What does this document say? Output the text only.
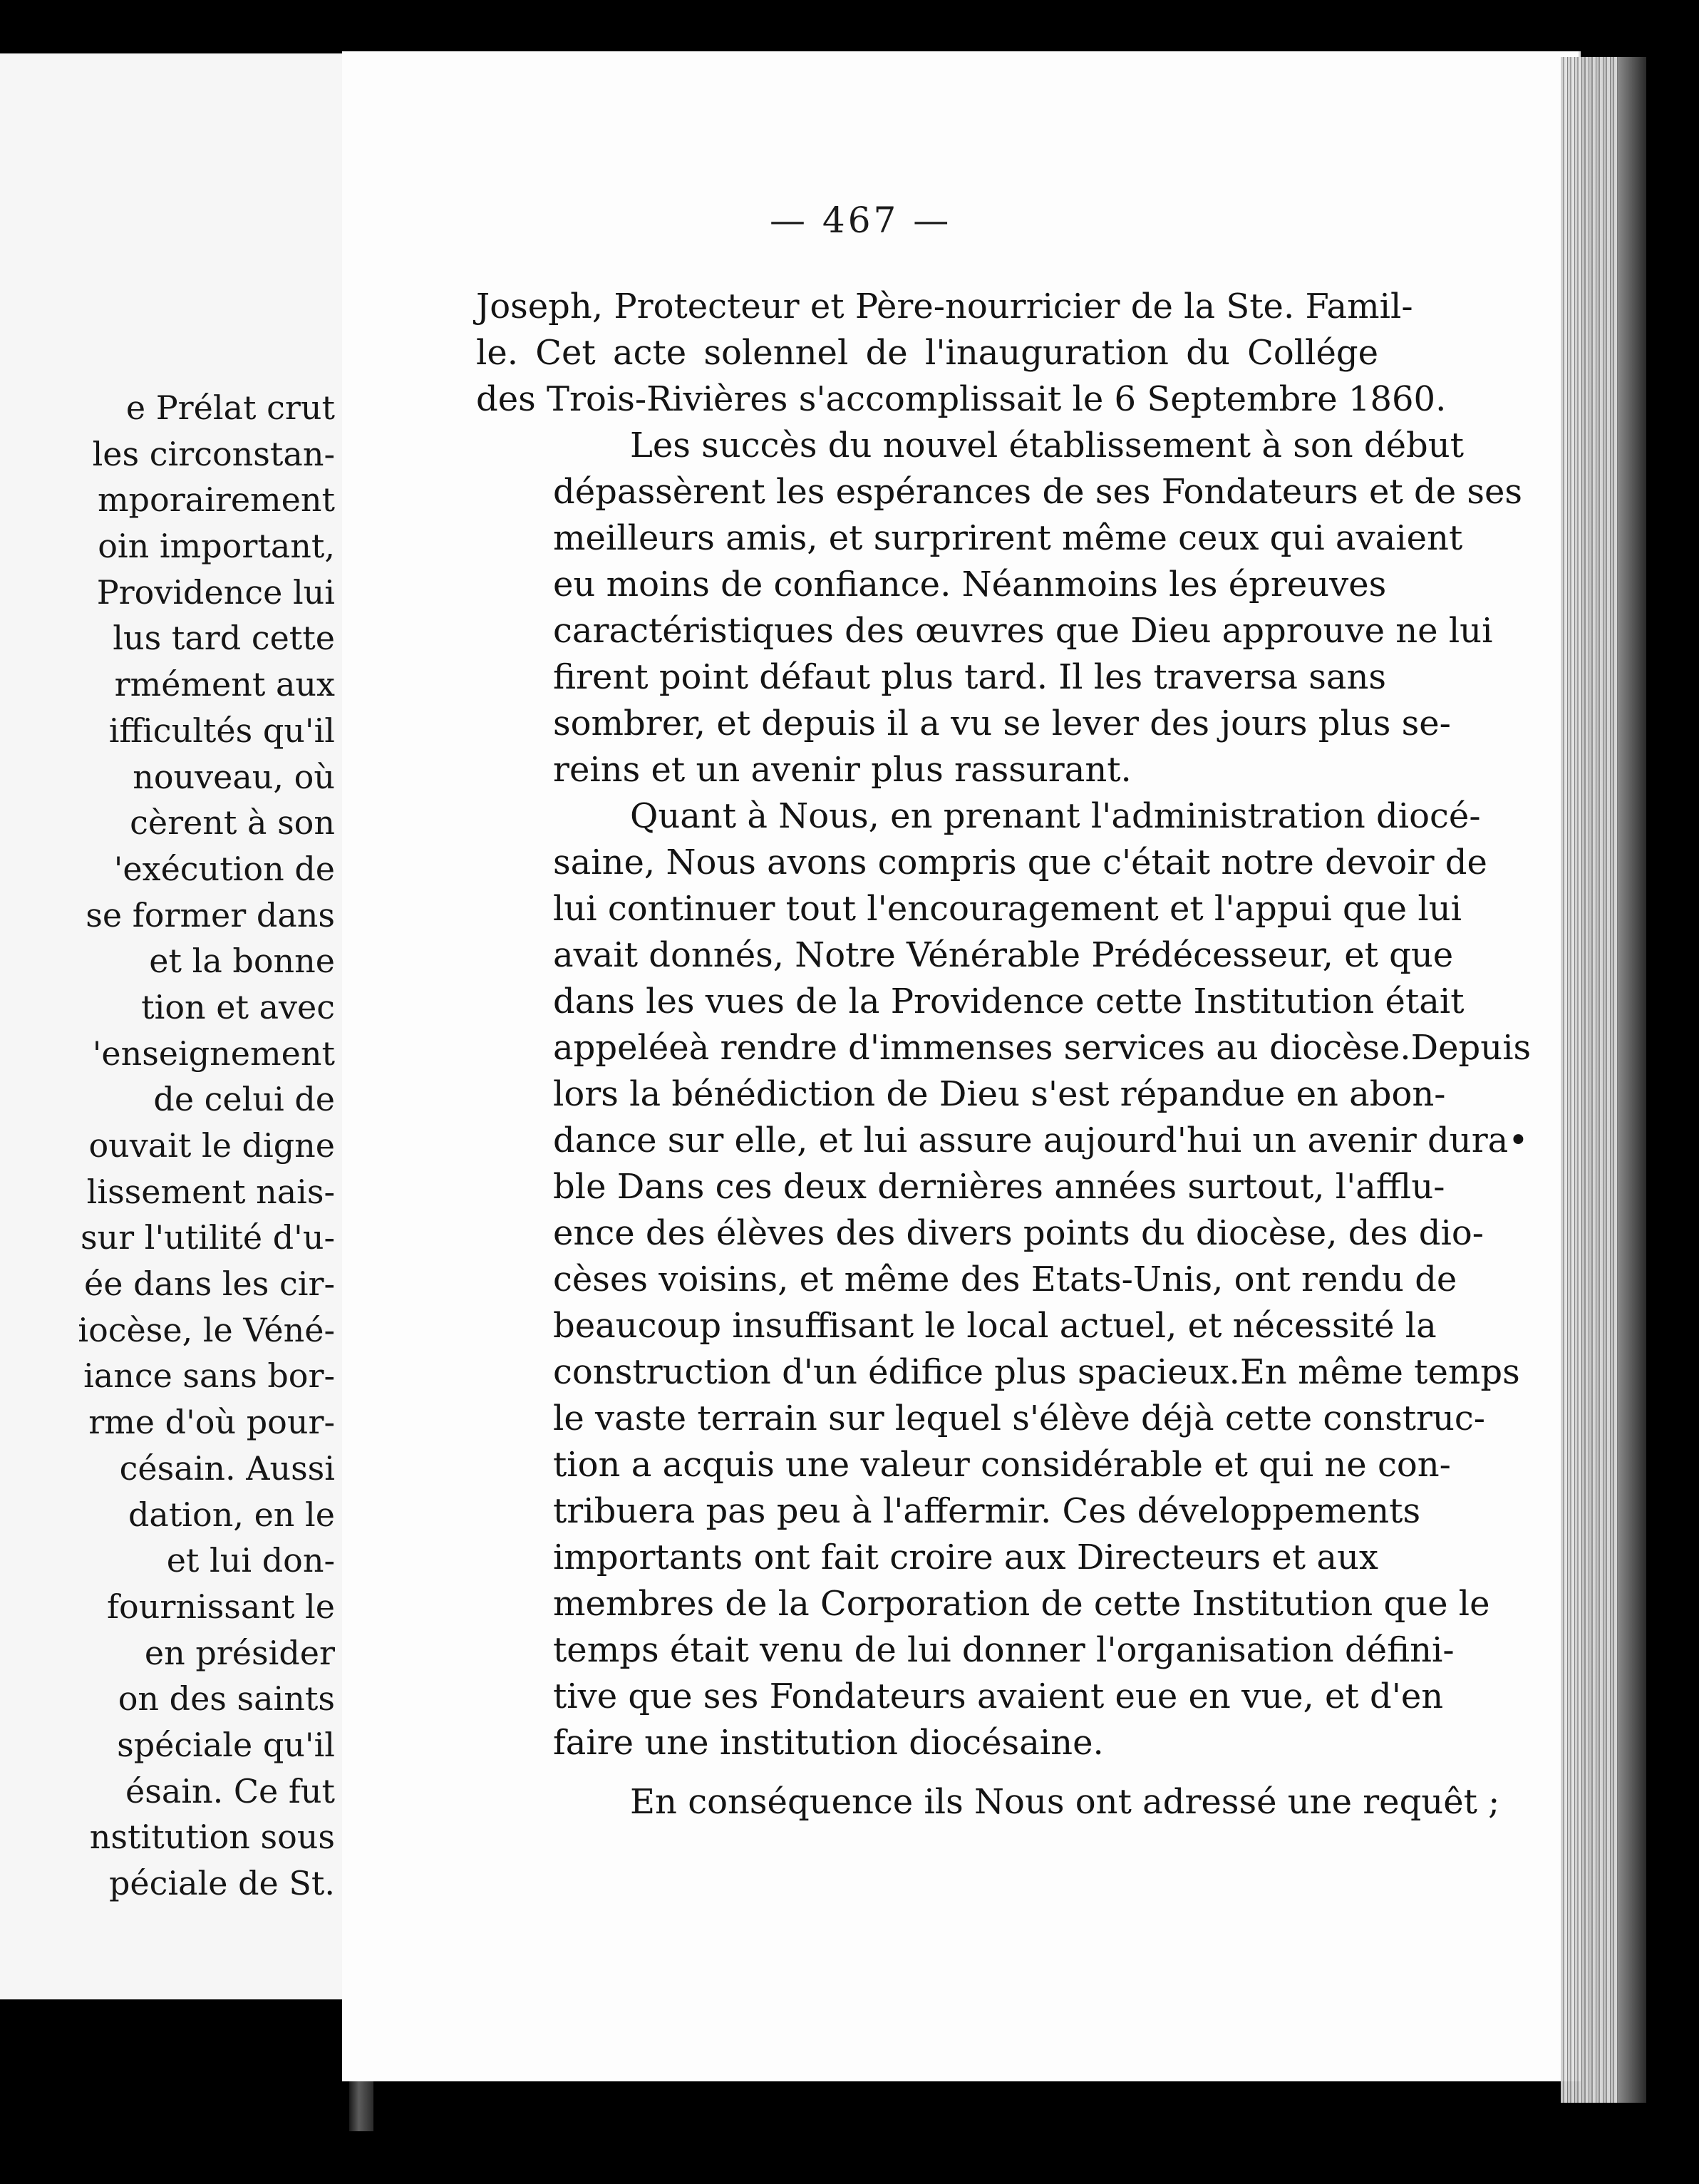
e Prélat crut
les circonstan-
mporairement
oin important,
Providence lui
lus tard cette
rmément aux
ifficultés qu'il
nouveau, où
cèrent à son
'exécution de
se former dans
et la bonne
tion et avec
'enseignement
de celui de
ouvait le digne
lissement nais-
sur l'utilité d'u-
ée dans les cir-
iocèse, le Véné-
iance sans bor-
rme d'où pour-
césain. Aussi
dation, en le
et lui don-
fournissant le
en présider
on des saints
spéciale qu'il
ésain. Ce fut
nstitution sous
péciale de St.
— 467 —
Joseph, Protecteur et Père-nourricier de la Ste. Famil-
le. Cet acte solennel de l'inauguration du Collége
des Trois-Rivières s'accomplissait le 6 Septembre 1860.
Les succès du nouvel établissement à son début
dépassèrent les espérances de ses Fondateurs et de ses
meilleurs amis, et surprirent même ceux qui avaient
eu moins de confiance. Néanmoins les épreuves
caractéristiques des œuvres que Dieu approuve ne lui
firent point défaut plus tard. Il les traversa sans
sombrer, et depuis il a vu se lever des jours plus se-
reins et un avenir plus rassurant.
Quant à Nous, en prenant l'administration diocé-
saine, Nous avons compris que c'était notre devoir de
lui continuer tout l'encouragement et l'appui que lui
avait donnés, Notre Vénérable Prédécesseur, et que
dans les vues de la Providence cette Institution était
appeléeà rendre d'immenses services au diocèse.Depuis
lors la bénédiction de Dieu s'est répandue en abon-
dance sur elle, et lui assure aujourd'hui un avenir dura•
ble Dans ces deux dernières années surtout, l'afflu-
ence des élèves des divers points du diocèse, des dio-
cèses voisins, et même des Etats-Unis, ont rendu de
beaucoup insuffisant le local actuel, et nécessité la
construction d'un édifice plus spacieux.En même temps
le vaste terrain sur lequel s'élève déjà cette construc-
tion a acquis une valeur considérable et qui ne con-
tribuera pas peu à l'affermir. Ces développements
importants ont fait croire aux Directeurs et aux
membres de la Corporation de cette Institution que le
temps était venu de lui donner l'organisation défini-
tive que ses Fondateurs avaient eue en vue, et d'en
faire une institution diocésaine.
En conséquence ils Nous ont adressé une requêt ;
